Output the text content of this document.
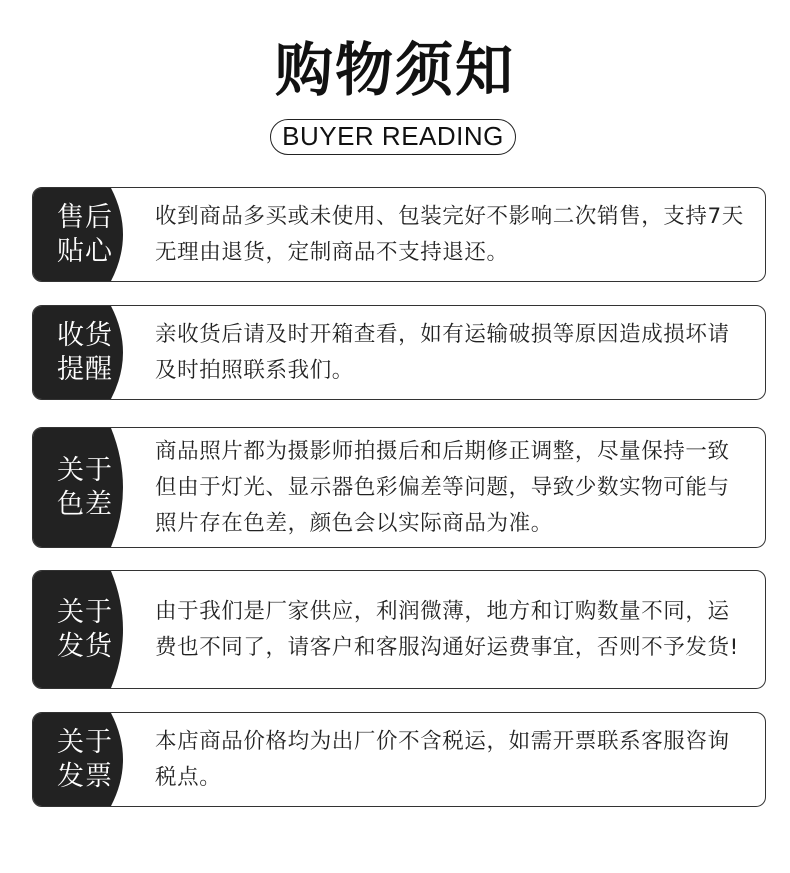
购物须知
BUYER READING
售后
贴心
收到商品多买或未使用、包装完好不影响二次销售，支持7天无理由退货，定制商品不支持退还。
收货
提醒
亲收货后请及时开箱查看，如有运输破损等原因造成损坏请及时拍照联系我们。
关于
色差
商品照片都为摄影师拍摄后和后期修正调整，尽量保持一致但由于灯光、显示器色彩偏差等问题，导致少数实物可能与照片存在色差，颜色会以实际商品为准。
关于
发货
由于我们是厂家供应，利润微薄，地方和订购数量不同，运费也不同了，请客户和客服沟通好运费事宜，否则不予发货!
关于
发票
本店商品价格均为出厂价不含税运，如需开票联系客服咨询税点。
